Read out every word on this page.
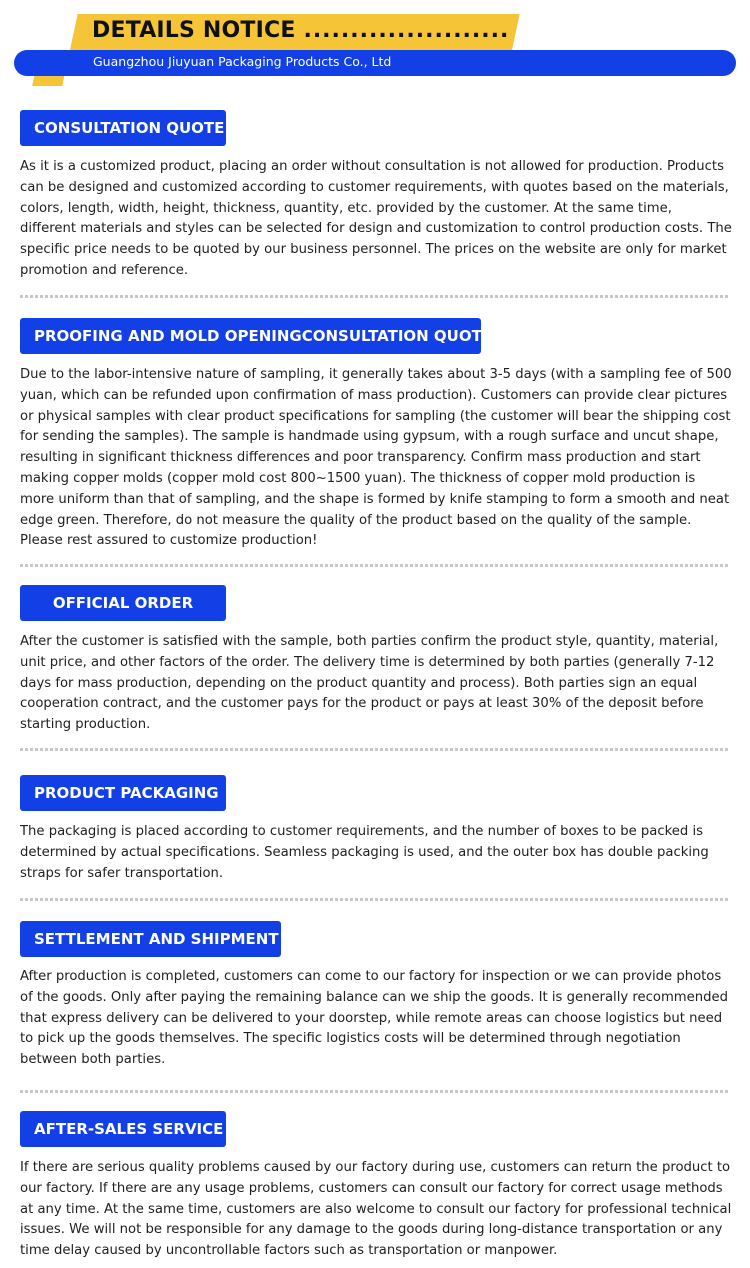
DETAILS NOTICE ......................
Guangzhou Jiuyuan Packaging Products Co., Ltd
CONSULTATION QUOTE
As it is a customized product, placing an order without consultation is not allowed for production. Products can be designed and customized according to customer requirements, with quotes based on the materials, colors, length, width, height, thickness, quantity, etc. provided by the customer. At the same time, different materials and styles can be selected for design and customization to control production costs. The specific price needs to be quoted by our business personnel. The prices on the website are only for market promotion and reference.
PROOFING AND MOLD OPENINGCONSULTATION QUOTE
Due to the labor-intensive nature of sampling, it generally takes about 3-5 days (with a sampling fee of 500 yuan, which can be refunded upon confirmation of mass production). Customers can provide clear pictures or physical samples with clear product specifications for sampling (the customer will bear the shipping cost for sending the samples). The sample is handmade using gypsum, with a rough surface and uncut shape, resulting in significant thickness differences and poor transparency. Confirm mass production and start making copper molds (copper mold cost 800~1500 yuan). The thickness of copper mold production is more uniform than that of sampling, and the shape is formed by knife stamping to form a smooth and neat edge green. Therefore, do not measure the quality of the product based on the quality of the sample. Please rest assured to customize production!
OFFICIAL ORDER
After the customer is satisfied with the sample, both parties confirm the product style, quantity, material, unit price, and other factors of the order. The delivery time is determined by both parties (generally 7-12 days for mass production, depending on the product quantity and process). Both parties sign an equal cooperation contract, and the customer pays for the product or pays at least 30% of the deposit before starting production.
PRODUCT PACKAGING
The packaging is placed according to customer requirements, and the number of boxes to be packed is determined by actual specifications. Seamless packaging is used, and the outer box has double packing straps for safer transportation.
SETTLEMENT AND SHIPMENT
After production is completed, customers can come to our factory for inspection or we can provide photos of the goods. Only after paying the remaining balance can we ship the goods. It is generally recommended that express delivery can be delivered to your doorstep, while remote areas can choose logistics but need to pick up the goods themselves. The specific logistics costs will be determined through negotiation between both parties.
AFTER-SALES SERVICE
If there are serious quality problems caused by our factory during use, customers can return the product to our factory. If there are any usage problems, customers can consult our factory for correct usage methods at any time. At the same time, customers are also welcome to consult our factory for professional technical issues. We will not be responsible for any damage to the goods during long-distance transportation or any time delay caused by uncontrollable factors such as transportation or manpower.
